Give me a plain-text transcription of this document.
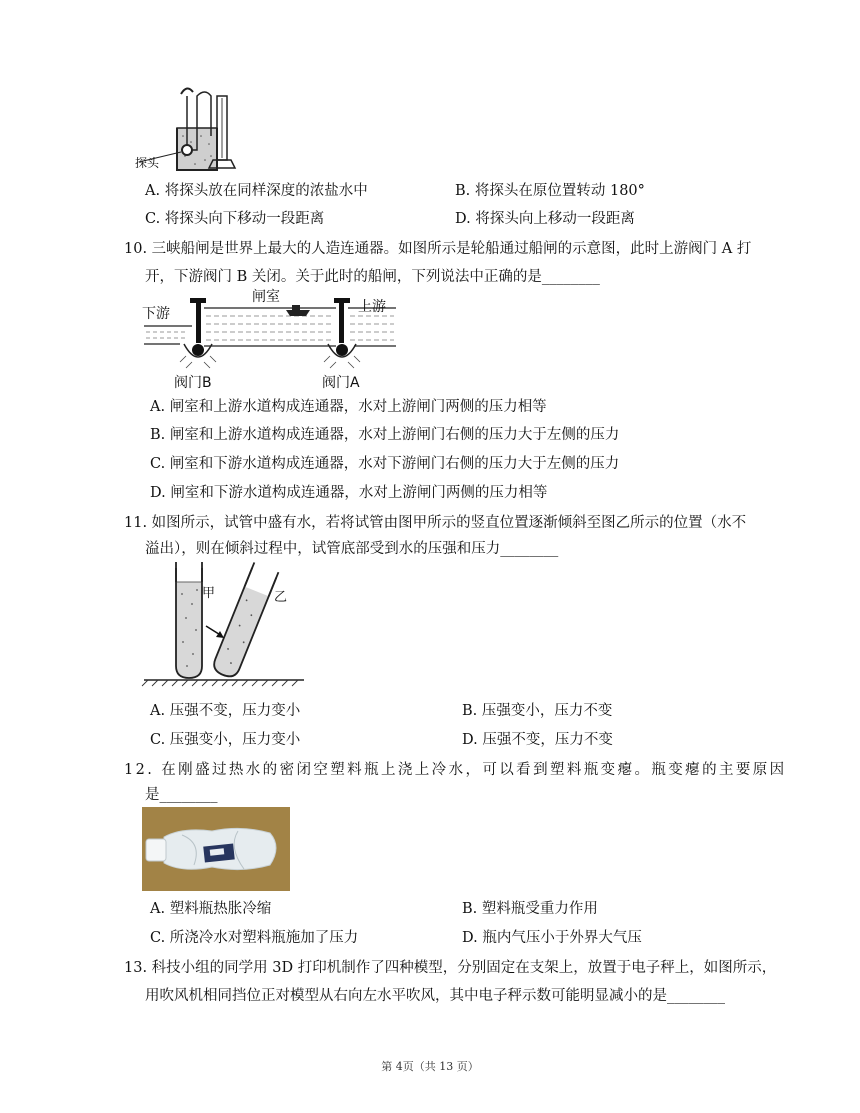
探头
A. 将探头放在同样深度的浓盐水中	B. 将探头在原位置转动 180°
C. 将探头向下移动一段距离	D. 将探头向上移动一段距离
10. 三峡船闸是世界上最大的人造连通器。如图所示是轮船通过船闸的示意图，此时上游阀门 A 打
开，下游阀门 B 关闭。关于此时的船闸，下列说法中正确的是________
闸室
下游	上游
阀门B	阀门A
A. 闸室和上游水道构成连通器，水对上游闸门两侧的压力相等
B. 闸室和上游水道构成连通器，水对上游闸门右侧的压力大于左侧的压力
C. 闸室和下游水道构成连通器，水对下游闸门右侧的压力大于左侧的压力
D. 闸室和下游水道构成连通器，水对上游闸门两侧的压力相等
11. 如图所示，试管中盛有水，若将试管由图甲所示的竖直位置逐渐倾斜至图乙所示的位置（水不
溢出），则在倾斜过程中，试管底部受到水的压强和压力________
甲	乙
A. 压强不变，压力变小	B. 压强变小，压力不变
C. 压强变小，压力变小	D. 压强不变，压力不变
12. 在刚盛过热水的密闭空塑料瓶上浇上冷水，可以看到塑料瓶变瘪。瓶变瘪的主要原因
是________
A. 塑料瓶热胀冷缩	B. 塑料瓶受重力作用
C. 所浇冷水对塑料瓶施加了压力	D. 瓶内气压小于外界大气压
13. 科技小组的同学用 3D 打印机制作了四种模型，分别固定在支架上，放置于电子秤上，如图所示，
用吹风机相同挡位正对模型从右向左水平吹风，其中电子秤示数可能明显减小的是________
第 4页（共 13 页）
